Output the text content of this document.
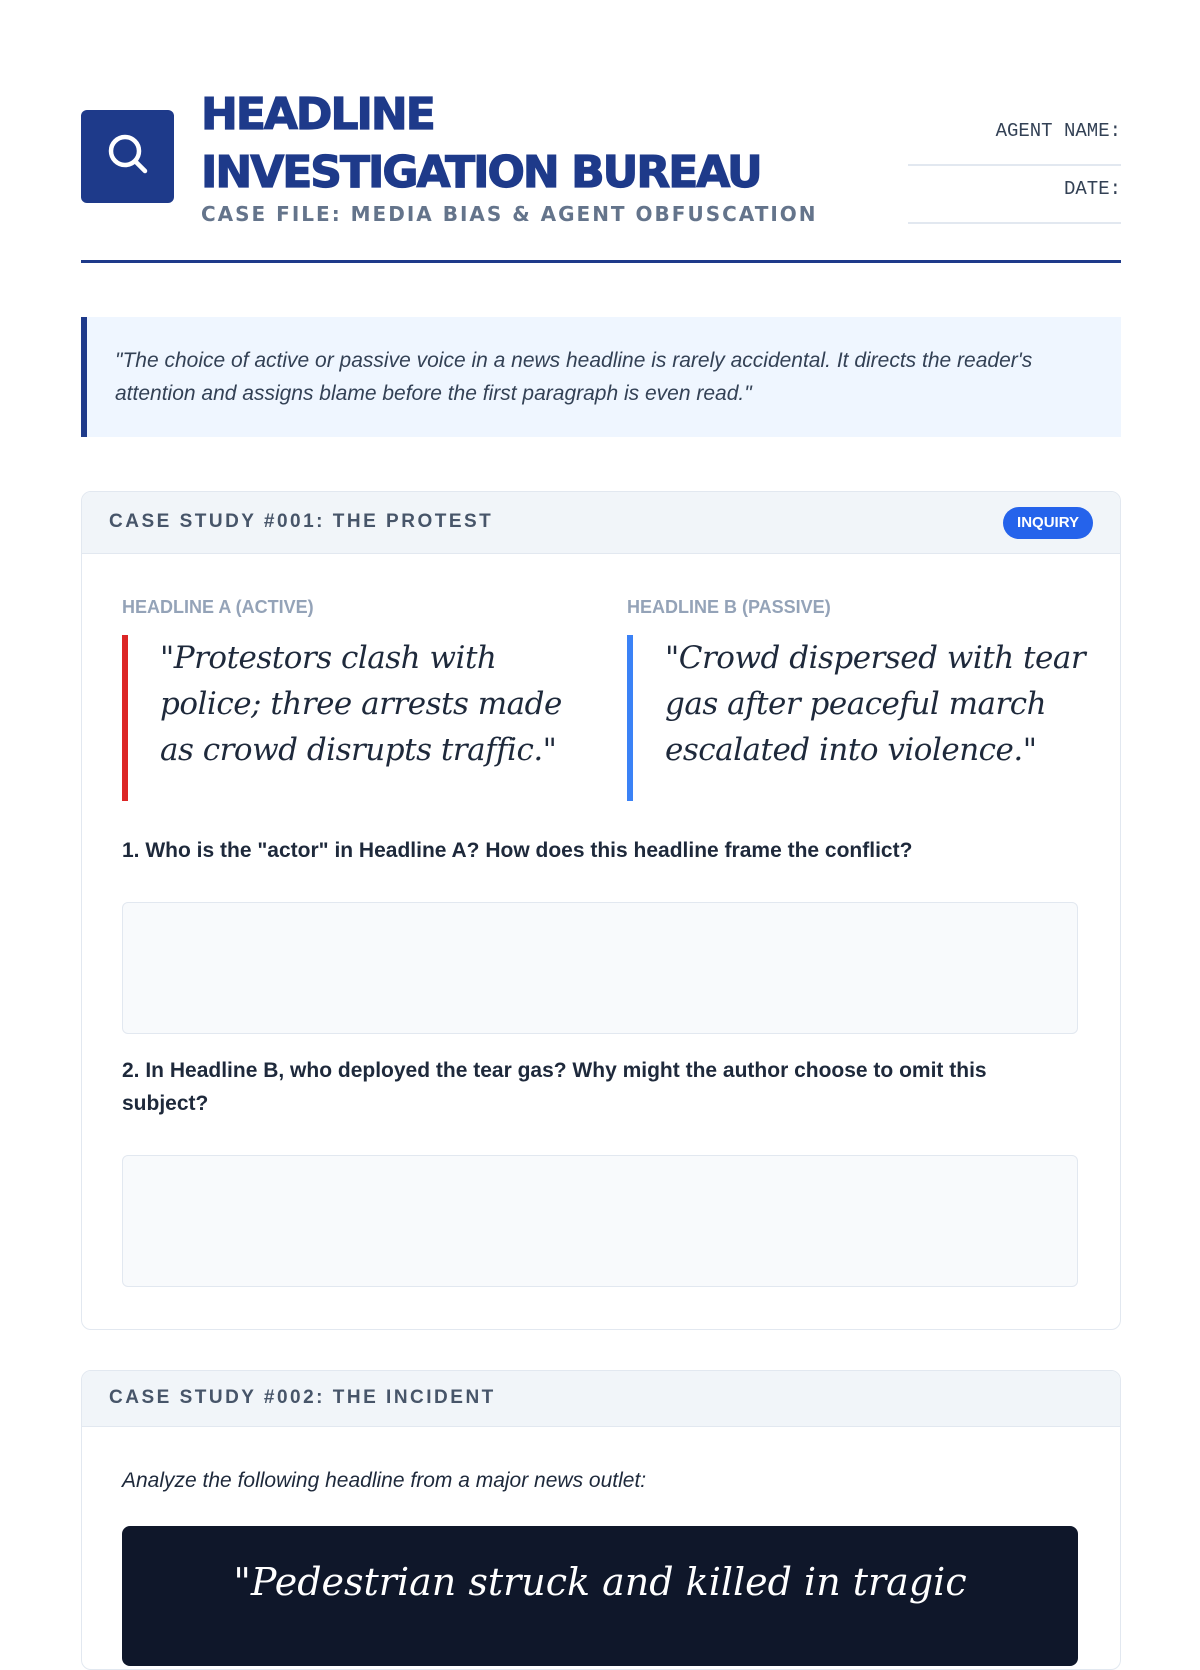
HEADLINE
INVESTIGATION BUREAU
CASE FILE: MEDIA BIAS & AGENT OBFUSCATION
AGENT NAME:
DATE:
"The choice of active or passive voice in a news headline is rarely accidental. It directs the reader's attention and assigns blame before the first paragraph is even read."
CASE STUDY #001: THE PROTEST	INQUIRY
HEADLINE A (ACTIVE)	HEADLINE B (PASSIVE)
"Protestors clash with police; three arrests made as crowd disrupts traffic."
"Crowd dispersed with tear gas after peaceful march escalated into violence."
1. Who is the "actor" in Headline A? How does this headline frame the conflict?
2. In Headline B, who deployed the tear gas? Why might the author choose to omit this subject?
CASE STUDY #002: THE INCIDENT
Analyze the following headline from a major news outlet:
"Pedestrian struck and killed in tragic
